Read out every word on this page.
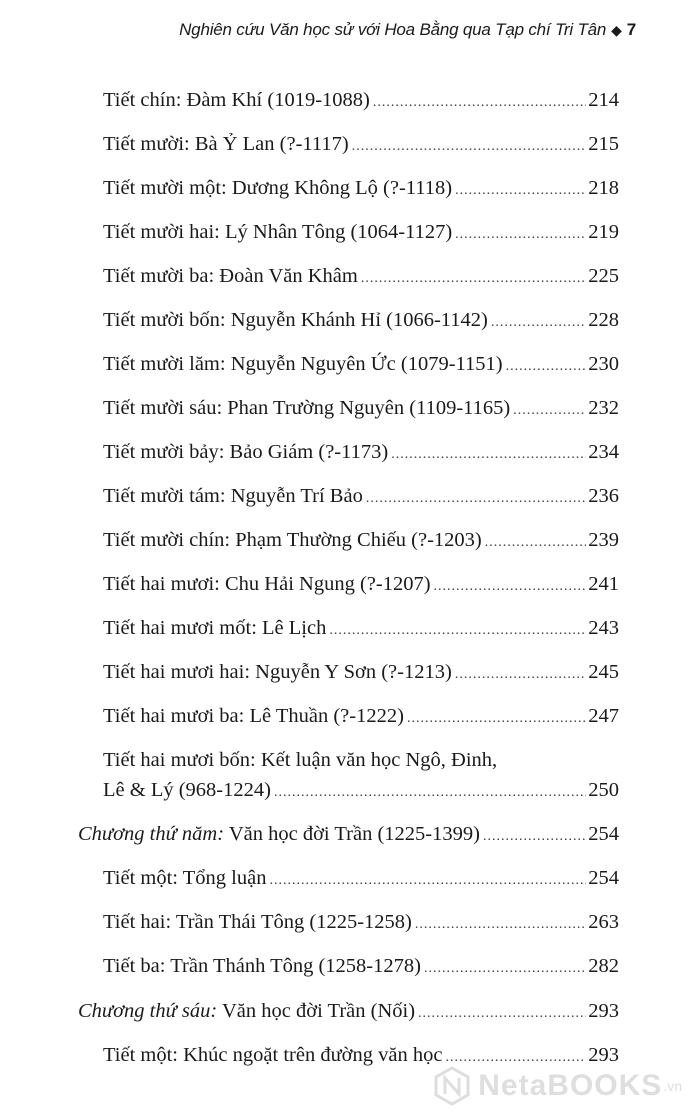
Nghiên cứu Văn học sử với Hoa Bằng qua Tạp chí Tri Tân ◆ 7
Tiết chín: Đàm Khí (1019-1088) .....	214
Tiết mười: Bà Ỷ Lan (?-1117) .....	215
Tiết mười một: Dương Không Lộ (?-1118) .....	218
Tiết mười hai: Lý Nhân Tông (1064-1127) .....	219
Tiết mười ba: Đoàn Văn Khâm .....	225
Tiết mười bốn: Nguyễn Khánh Hỉ (1066-1142) .....	228
Tiết mười lăm: Nguyễn Nguyên Ức (1079-1151) .....	230
Tiết mười sáu: Phan Trường Nguyên (1109-1165) .....	232
Tiết mười bảy: Bảo Giám (?-1173) .....	234
Tiết mười tám: Nguyễn Trí Bảo .....	236
Tiết mười chín: Phạm Thường Chiếu (?-1203) .....	239
Tiết hai mươi: Chu Hải Ngung (?-1207) .....	241
Tiết hai mươi mốt: Lê Lịch .....	243
Tiết hai mươi hai: Nguyễn Y Sơn (?-1213) .....	245
Tiết hai mươi ba: Lê Thuần (?-1222) .....	247
Tiết hai mươi bốn: Kết luận văn học Ngô, Đinh,
Lê & Lý (968-1224) .....	250
Chương thứ năm: Văn học đời Trần (1225-1399) .....	254
Tiết một: Tổng luận .....	254
Tiết hai: Trần Thái Tông (1225-1258) .....	263
Tiết ba: Trần Thánh Tông (1258-1278) .....	282
Chương thứ sáu: Văn học đời Trần (Nối) .....	293
Tiết một: Khúc ngoặt trên đường văn học .....	293
NetaBOOKS .vn
